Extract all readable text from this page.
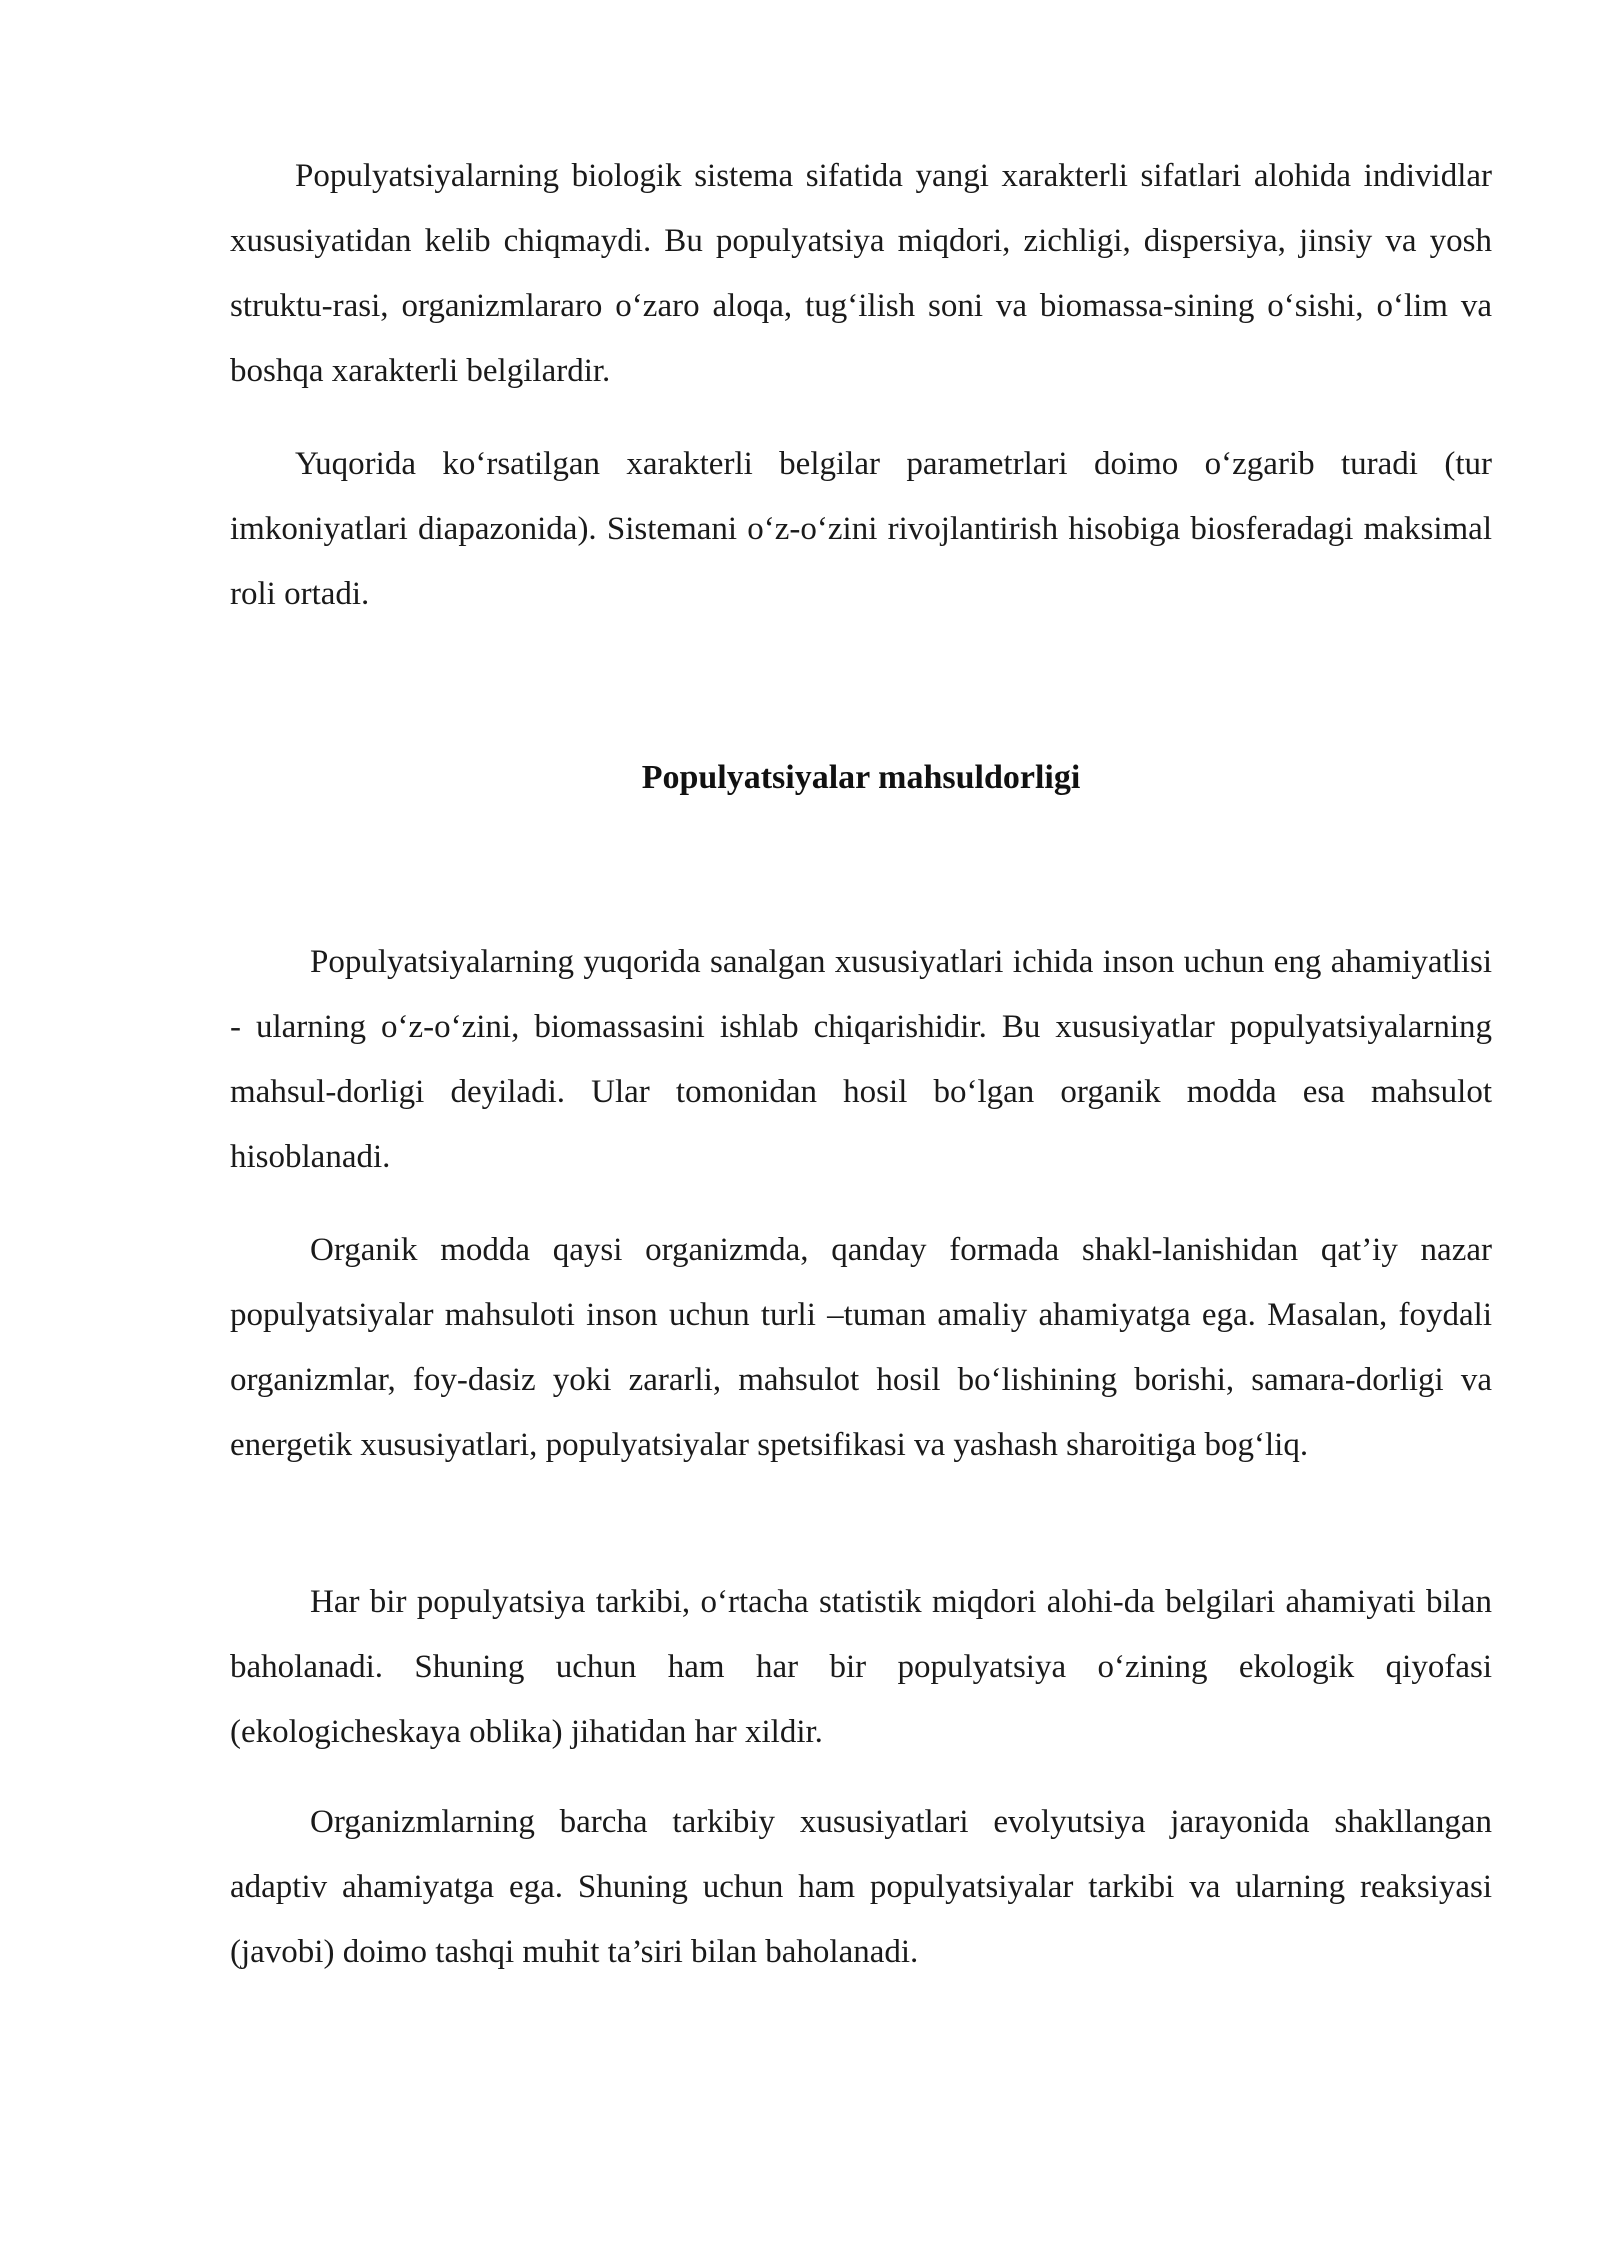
Populyatsiyalarning biologik sistema sifatida yangi xarakterli sifatlari alohida individlar xususiyatidan kelib chiqmaydi. Bu populyatsiya miqdori, zichligi, dispersiya, jinsiy va yosh struktu-rasi, organizmlararo o‘zaro aloqa, tug‘ilish soni va biomassa-sining o‘sishi, o‘lim va boshqa xarakterli belgilardir.

Yuqorida ko‘rsatilgan xarakterli belgilar parametrlari doimo o‘zgarib turadi (tur imkoniyatlari diapazonida). Sistemani o‘z-o‘zini rivojlantirish hisobiga biosferadagi maksimal roli ortadi.

Populyatsiyalar mahsuldorligi

Populyatsiyalarning yuqorida sanalgan xususiyatlari ichida inson uchun eng ahamiyatlisi - ularning o‘z-o‘zini, biomassasini ishlab chiqarishidir. Bu xususiyatlar populyatsiyalarning mahsul-dorligi deyiladi. Ular tomonidan hosil bo‘lgan organik modda esa mahsulot hisoblanadi.

Organik modda qaysi organizmda, qanday formada shakl-lanishidan qat’iy nazar populyatsiyalar mahsuloti inson uchun turli –tuman amaliy ahamiyatga ega. Masalan, foydali organizmlar, foy-dasiz yoki zararli, mahsulot hosil bo‘lishining borishi, samara-dorligi va energetik xususiyatlari, populyatsiyalar spetsifikasi va yashash sharoitiga bog‘liq.

Har bir populyatsiya tarkibi, o‘rtacha statistik miqdori alohi-da belgilari ahamiyati bilan baholanadi. Shuning uchun ham har bir populyatsiya o‘zining ekologik qiyofasi (ekologicheskaya oblika) jihatidan har xildir.

Organizmlarning barcha tarkibiy xususiyatlari evolyutsiya jarayonida shakllangan adaptiv ahamiyatga ega. Shuning uchun ham populyatsiyalar tarkibi va ularning reaksiyasi (javobi) doimo tashqi muhit ta’siri bilan baholanadi.
